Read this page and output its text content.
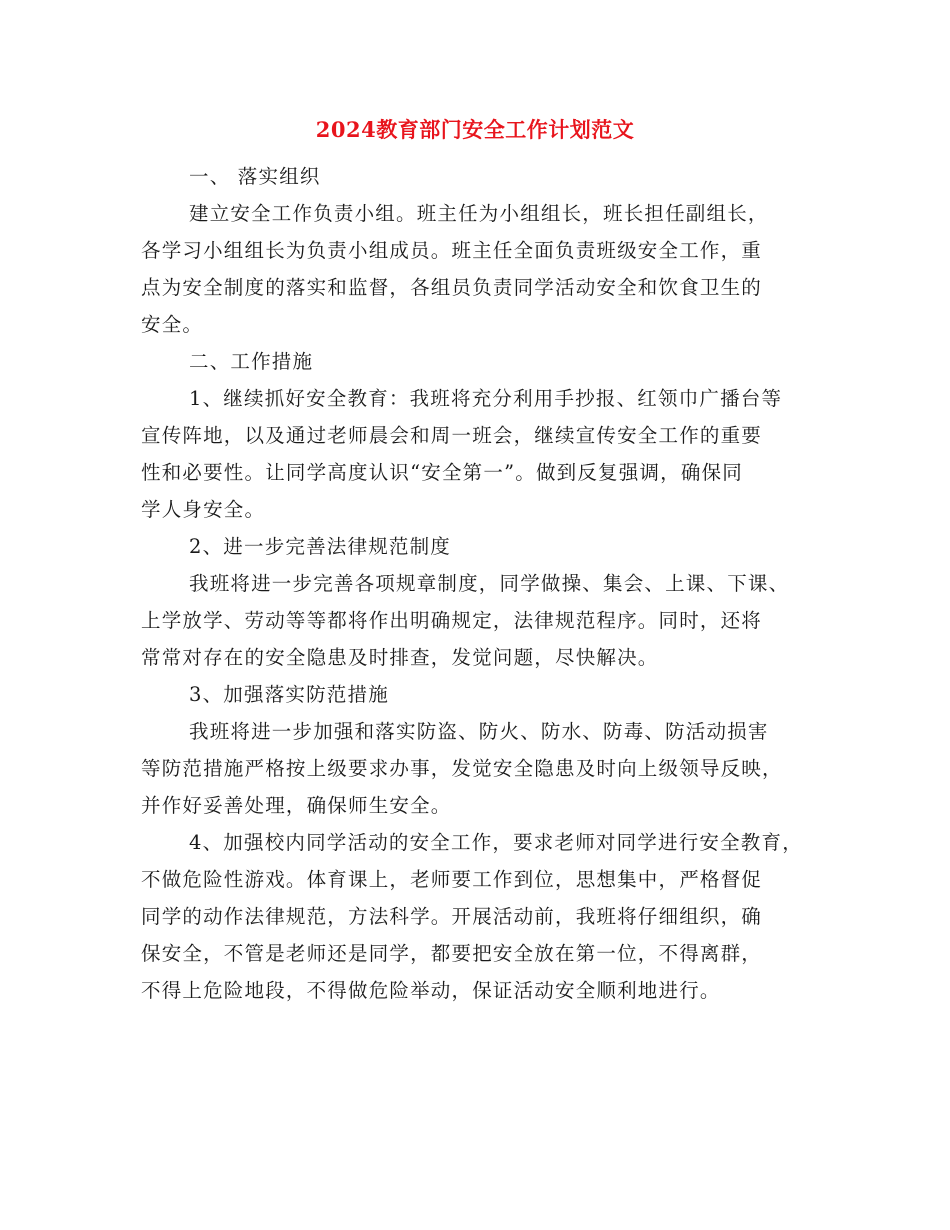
2024教育部门安全工作计划范文
一、 落实组织
建立安全工作负责小组。班主任为小组组长，班长担任副组长，
各学习小组组长为负责小组成员。班主任全面负责班级安全工作，重
点为安全制度的落实和监督，各组员负责同学活动安全和饮食卫生的
安全。
二、工作措施
1、继续抓好安全教育：我班将充分利用手抄报、红领巾广播台等
宣传阵地，以及通过老师晨会和周一班会，继续宣传安全工作的重要
性和必要性。让同学高度认识“安全第一”。做到反复强调，确保同
学人身安全。
2、进一步完善法律规范制度
我班将进一步完善各项规章制度，同学做操、集会、上课、下课、
上学放学、劳动等等都将作出明确规定，法律规范程序。同时，还将
常常对存在的安全隐患及时排查，发觉问题，尽快解决。
3、加强落实防范措施
我班将进一步加强和落实防盗、防火、防水、防毒、防活动损害
等防范措施严格按上级要求办事，发觉安全隐患及时向上级领导反映，
并作好妥善处理，确保师生安全。
4、加强校内同学活动的安全工作，要求老师对同学进行安全教育，
不做危险性游戏。体育课上，老师要工作到位，思想集中，严格督促
同学的动作法律规范，方法科学。开展活动前，我班将仔细组织，确
保安全，不管是老师还是同学，都要把安全放在第一位，不得离群，
不得上危险地段，不得做危险举动，保证活动安全顺利地进行。
